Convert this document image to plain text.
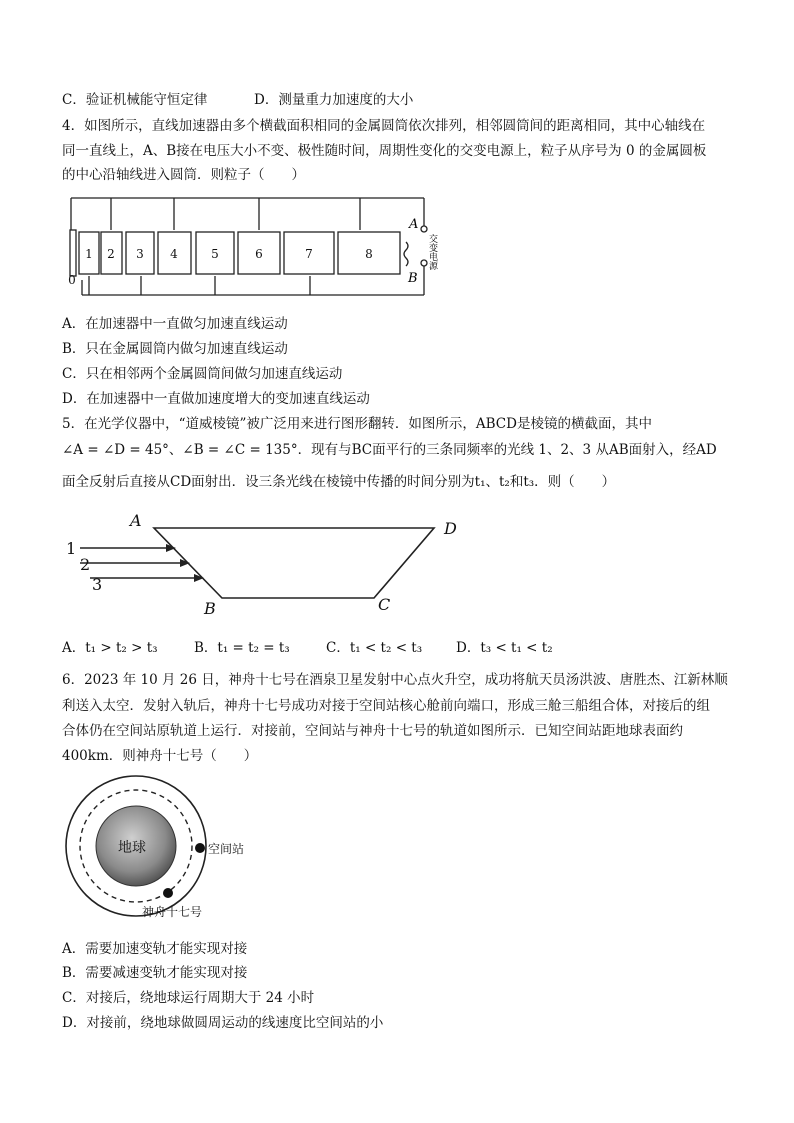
C．验证机械能守恒定律	D．测量重力加速度的大小
4．如图所示，直线加速器由多个横截面积相同的金属圆筒依次排列，相邻圆筒间的距离相同，其中心轴线在
同一直线上，A、B接在电压大小不变、极性随时间，周期性变化的交变电源上，粒子从序号为 0 的金属圆板
的中心沿轴线进入圆筒．则粒子（　　）
1 2 3 4	5	6	7	8
0
A
B
交变电源
A．在加速器中一直做匀加速直线运动
B．只在金属圆筒内做匀加速直线运动
C．只在相邻两个金属圆筒间做匀加速直线运动
D．在加速器中一直做加速度增大的变加速直线运动
5．在光学仪器中，“道威棱镜”被广泛用来进行图形翻转．如图所示，ABCD是棱镜的横截面，其中
∠A = ∠D = 45°、∠B = ∠C = 135°．现有与BC面平行的三条同频率的光线 1、2、3 从AB面射入，经AD
面全反射后直接从CD面射出．设三条光线在棱镜中传播的时间分别为t₁、t₂和t₃．则（　　）
A
B	C
D
1
2
3
A．t₁ > t₂ > t₃	B．t₁ = t₂ = t₃	C．t₁ < t₂ < t₃	D．t₃ < t₁ < t₂
6．2023 年 10 月 26 日，神舟十七号在酒泉卫星发射中心点火升空，成功将航天员汤洪波、唐胜杰、江新林顺
利送入太空．发射入轨后，神舟十七号成功对接于空间站核心舱前向端口，形成三舱三船组合体，对接后的组
合体仍在空间站原轨道上运行．对接前，空间站与神舟十七号的轨道如图所示．已知空间站距地球表面约
400km．则神舟十七号（　　）
地球	空间站
神舟十七号
A．需要加速变轨才能实现对接
B．需要减速变轨才能实现对接
C．对接后，绕地球运行周期大于 24 小时
D．对接前，绕地球做圆周运动的线速度比空间站的小
